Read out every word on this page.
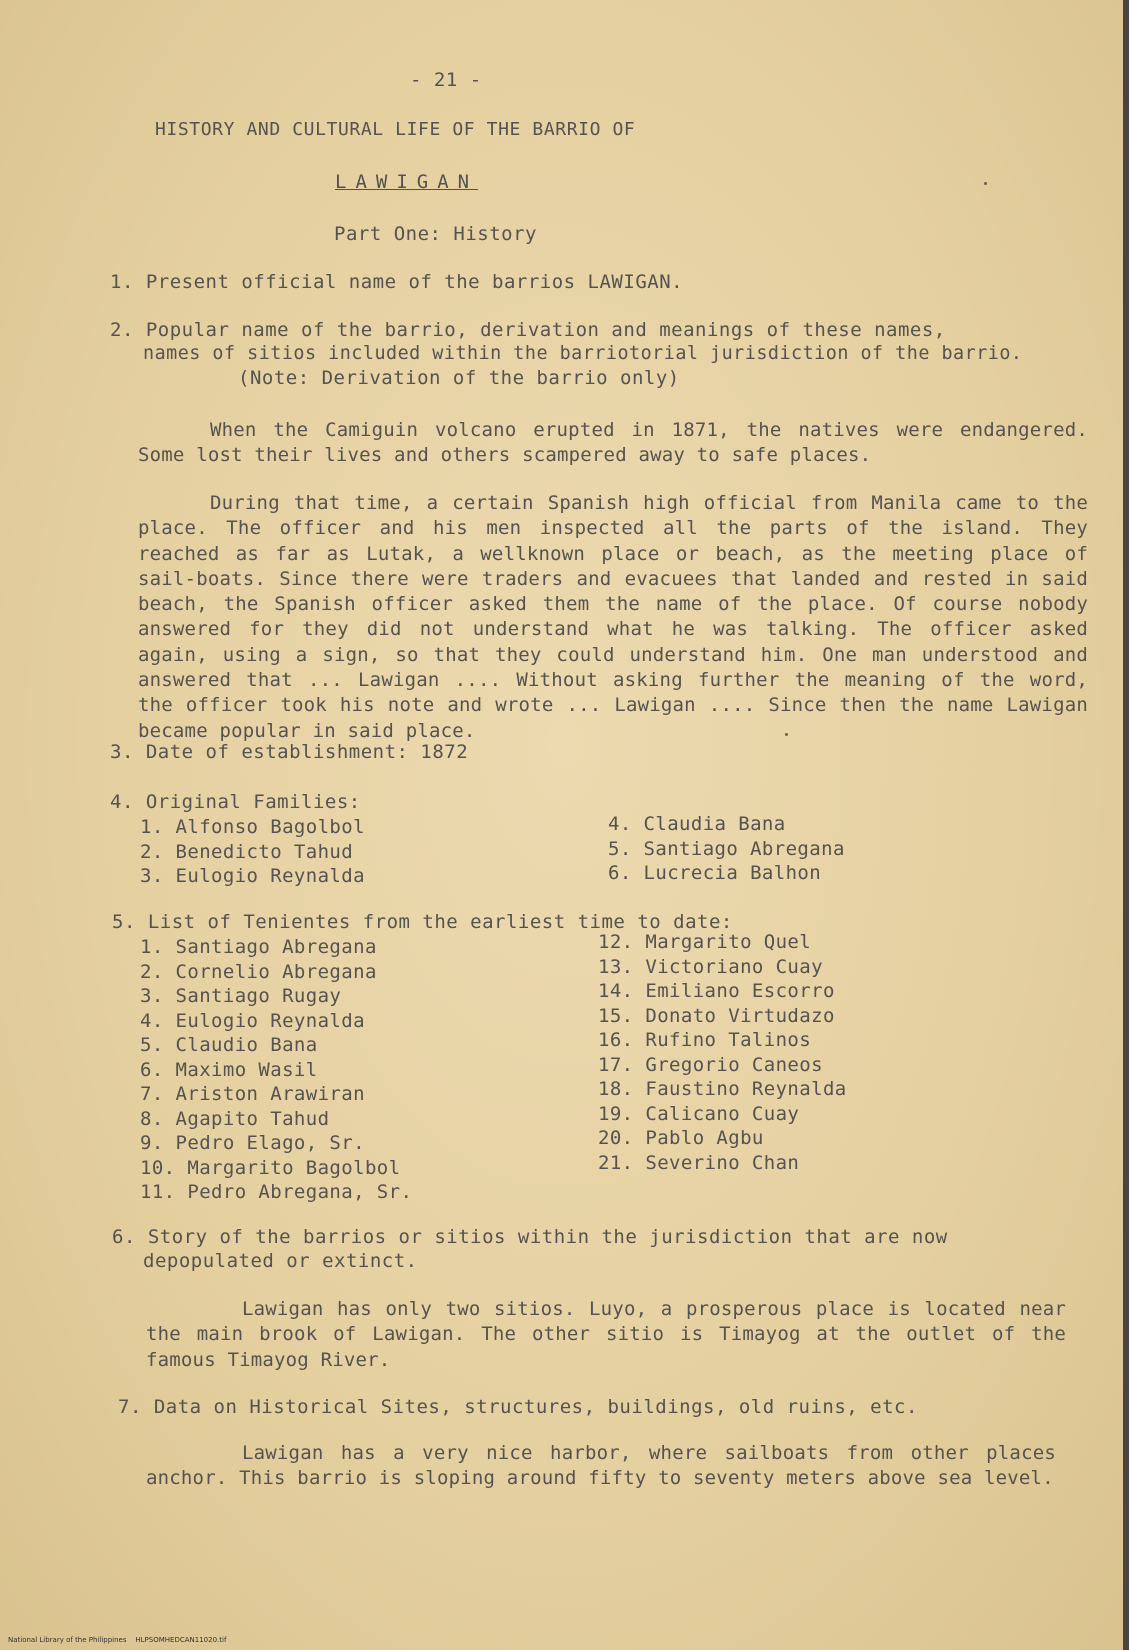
- 21 -
HISTORY AND CULTURAL LIFE OF THE BARRIO OF
LAWIGAN
Part One: History
1. Present official name of the barrios LAWIGAN.
2. Popular name of the barrio, derivation and meanings of these names,
names of sitios included within the barriotorial jurisdiction of the barrio.
(Note: Derivation of the barrio only)
When the Camiguin volcano erupted in 1871, the natives were endangered. Some lost their lives and others scampered away to safe places.
During that time, a certain Spanish high official from Manila came to the place. The officer and his men inspected all the parts of the island. They reached as far as Lutak, a wellknown place or beach, as the meeting place of sail-boats. Since there were traders and evacuees that landed and rested in said beach, the Spanish officer asked them the name of the place. Of course nobody answered for they did not understand what he was talking. The officer asked again, using a sign, so that they could understand him. One man understood and answered that ... Lawigan .... Without asking further the meaning of the word, the officer took his note and wrote ... Lawigan .... Since then the name Lawigan became popular in said place.
3. Date of establishment: 1872
4. Original Families:
1. Alfonso Bagolbol
2. Benedicto Tahud
3. Eulogio Reynalda
4. Claudia Bana
5. Santiago Abregana
6. Lucrecia Balhon
5. List of Tenientes from the earliest time to date:
1. Santiago Abregana
2. Cornelio Abregana
3. Santiago Rugay
4. Eulogio Reynalda
5. Claudio Bana
6. Maximo Wasil
7. Ariston Arawiran
8. Agapito Tahud
9. Pedro Elago, Sr.
10. Margarito Bagolbol
11. Pedro Abregana, Sr.
12. Margarito Quel
13. Victoriano Cuay
14. Emiliano Escorro
15. Donato Virtudazo
16. Rufino Talinos
17. Gregorio Caneos
18. Faustino Reynalda
19. Calicano Cuay
20. Pablo Agbu
21. Severino Chan
6. Story of the barrios or sitios within the jurisdiction that are now
depopulated or extinct.
Lawigan has only two sitios. Luyo, a prosperous place is located near the main brook of Lawigan. The other sitio is Timayog at the outlet of the famous Timayog River.
7. Data on Historical Sites, structures, buildings, old ruins, etc.
Lawigan has a very nice harbor, where sailboats from other places anchor. This barrio is sloping around fifty to seventy meters above sea level.
National Library of the Philippines    HLPSOMHEDCAN11020.tif
